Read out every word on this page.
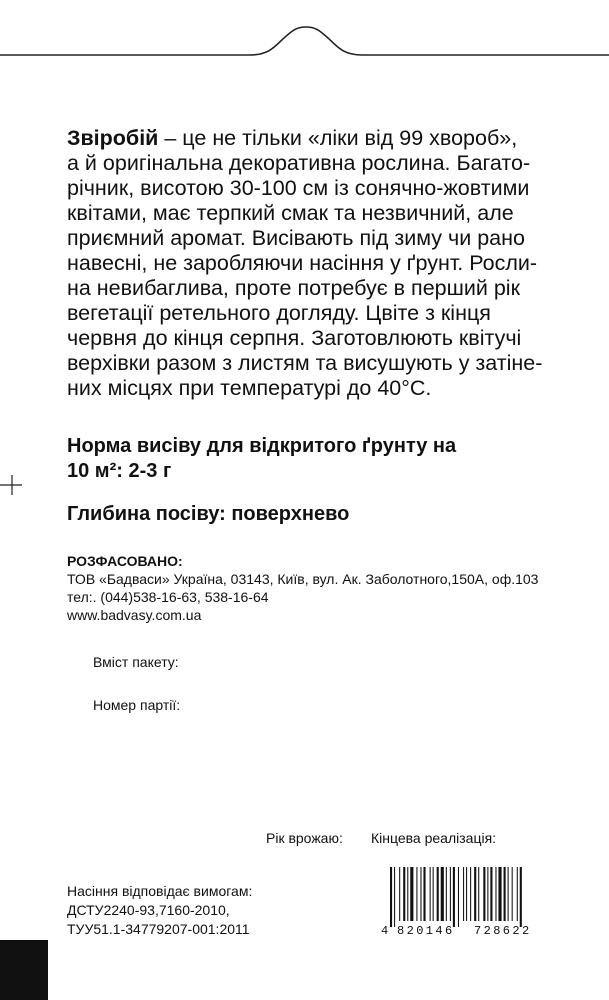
Звіробій – це не тільки «ліки від 99 хвороб»,
а й оригінальна декоративна рослина. Багато-
річник, висотою 30-100 см із сонячно-жовтими
квітами, має терпкий смак та незвичний, але
приємний аромат. Висівають під зиму чи рано
навесні, не заробляючи насіння у ґрунт. Росли-
на невибаглива, проте потребує в перший рік
вегетації ретельного догляду. Цвіте з кінця
червня до кінця серпня. Заготовлюють квітучі
верхівки разом з листям та висушують у затіне-
них місцях при температурі до 40°C.
Норма висіву для відкритого ґрунту на
10 м²: 2-3 г
Глибина посіву: поверхнево
РОЗФАСОВАНО:
ТОВ «Бадваси» Україна, 03143, Київ, вул. Ак. Заболотного,150А, оф.103
тел:. (044)538-16-63, 538-16-64
www.badvasy.com.ua
Вміст пакету:
Номер партії:
Рік врожаю: Кінцева реалізація:
Насіння відповідає вимогам:
ДСТУ2240-93,7160-2010,
ТУУ51.1-34779207-001:2011	4 820146 728622
